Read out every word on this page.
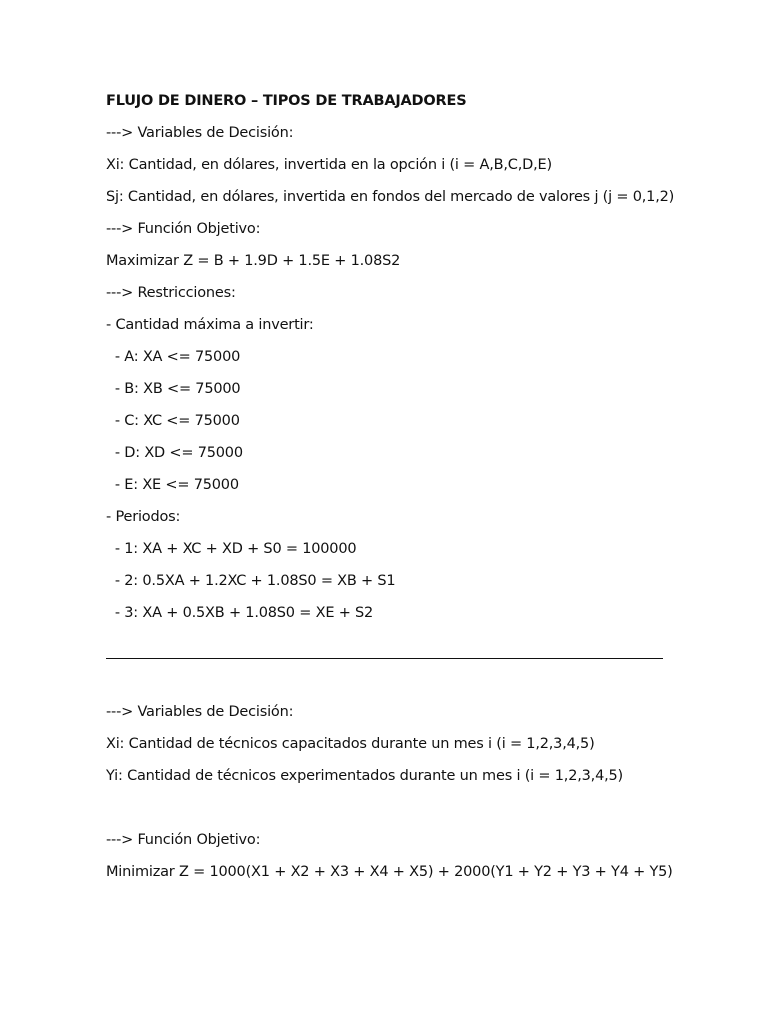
FLUJO DE DINERO – TIPOS DE TRABAJADORES
---> Variables de Decisión:
Xi: Cantidad, en dólares, invertida en la opción i (i = A,B,C,D,E)
Sj: Cantidad, en dólares, invertida en fondos del mercado de valores j (j = 0,1,2)
---> Función Objetivo:
Maximizar Z = B + 1.9D + 1.5E + 1.08S2
---> Restricciones:
- Cantidad máxima a invertir:
- A: XA <= 75000
- B: XB <= 75000
- C: XC <= 75000
- D: XD <= 75000
- E: XE <= 75000
- Periodos:
- 1: XA + XC + XD + S0 = 100000
- 2: 0.5XA + 1.2XC + 1.08S0 = XB + S1
- 3: XA + 0.5XB + 1.08S0 = XE + S2
---> Variables de Decisión:
Xi: Cantidad de técnicos capacitados durante un mes i (i = 1,2,3,4,5)
Yi: Cantidad de técnicos experimentados durante un mes i (i = 1,2,3,4,5)
---> Función Objetivo:
Minimizar Z = 1000(X1 + X2 + X3 + X4 + X5) + 2000(Y1 + Y2 + Y3 + Y4 + Y5)
